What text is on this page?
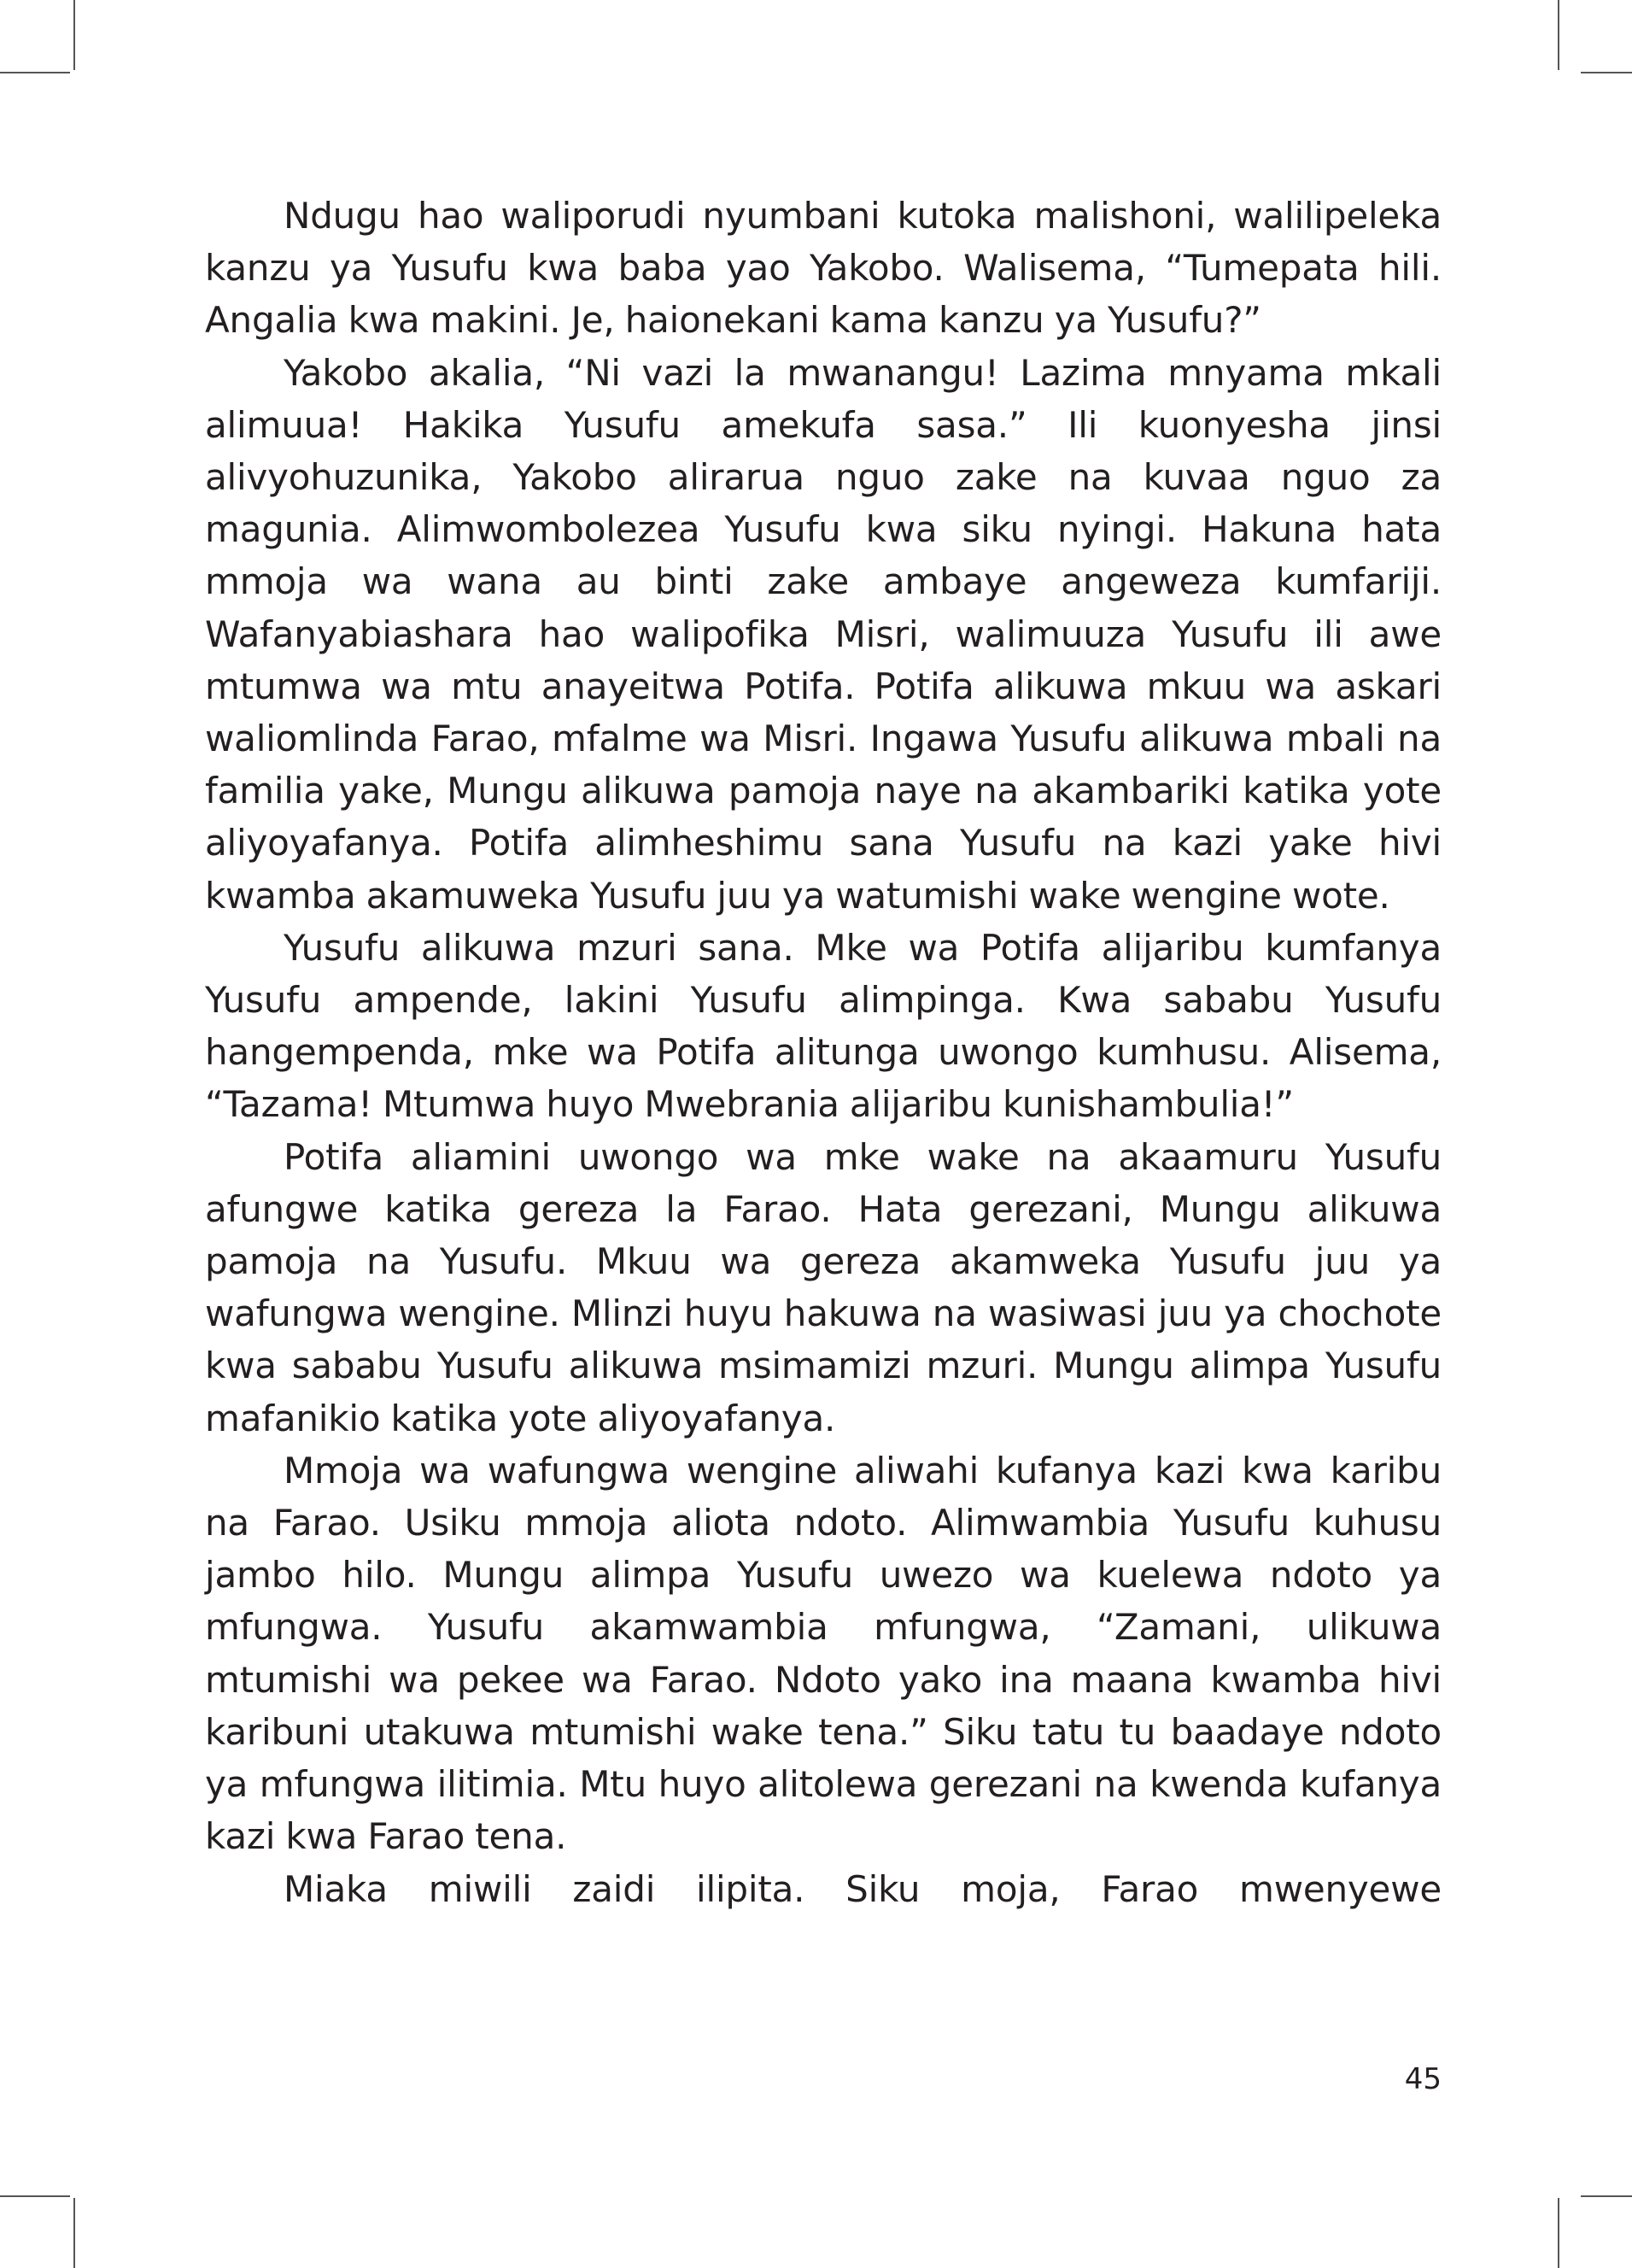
Ndugu hao waliporudi nyumbani kutoka malishoni, walilipeleka kanzu ya Yusufu kwa baba yao Yakobo. Walisema, “Tumepata hili. Angalia kwa makini. Je, haionekani kama kanzu ya Yusufu?”

Yakobo akalia, “Ni vazi la mwanangu! Lazima mnyama mkali alimuua! Hakika Yusufu amekufa sasa.” Ili kuonyesha jinsi alivyohuzunika, Yakobo alirarua nguo zake na kuvaa nguo za magunia. Alimwombolezea Yusufu kwa siku nyingi. Hakuna hata mmoja wa wana au binti zake ambaye angeweza kumfariji. Wafanyabiashara hao walipofika Misri, walimuuza Yusufu ili awe mtumwa wa mtu anayeitwa Potifa. Potifa alikuwa mkuu wa askari waliomlinda Farao, mfalme wa Misri. Ingawa Yusufu alikuwa mbali na familia yake, Mungu alikuwa pamoja naye na akambariki katika yote aliyoyafanya. Potifa alimheshimu sana Yusufu na kazi yake hivi kwamba akamuweka Yusufu juu ya watumishi wake wengine wote.

Yusufu alikuwa mzuri sana. Mke wa Potifa alijaribu kumfanya Yusufu ampende, lakini Yusufu alimpinga. Kwa sababu Yusufu hangempenda, mke wa Potifa alitunga uwongo kumhusu. Alisema, “Tazama! Mtumwa huyo Mwebrania alijaribu kunishambulia!”

Potifa aliamini uwongo wa mke wake na akaamuru Yusufu afungwe katika gereza la Farao. Hata gerezani, Mungu alikuwa pamoja na Yusufu. Mkuu wa gereza akamweka Yusufu juu ya wafungwa wengine. Mlinzi huyu hakuwa na wasiwasi juu ya chochote kwa sababu Yusufu alikuwa msimamizi mzuri. Mungu alimpa Yusufu mafanikio katika yote aliyoyafanya.

Mmoja wa wafungwa wengine aliwahi kufanya kazi kwa karibu na Farao. Usiku mmoja aliota ndoto. Alimwambia Yusufu kuhusu jambo hilo. Mungu alimpa Yusufu uwezo wa kuelewa ndoto ya mfungwa. Yusufu akamwambia mfungwa, “Zamani, ulikuwa mtumishi wa pekee wa Farao. Ndoto yako ina maana kwamba hivi karibuni utakuwa mtumishi wake tena.” Siku tatu tu baadaye ndoto ya mfungwa ilitimia. Mtu huyo alitolewa gerezani na kwenda kufanya kazi kwa Farao tena.

Miaka miwili zaidi ilipita. Siku moja, Farao mwenyewe

45
